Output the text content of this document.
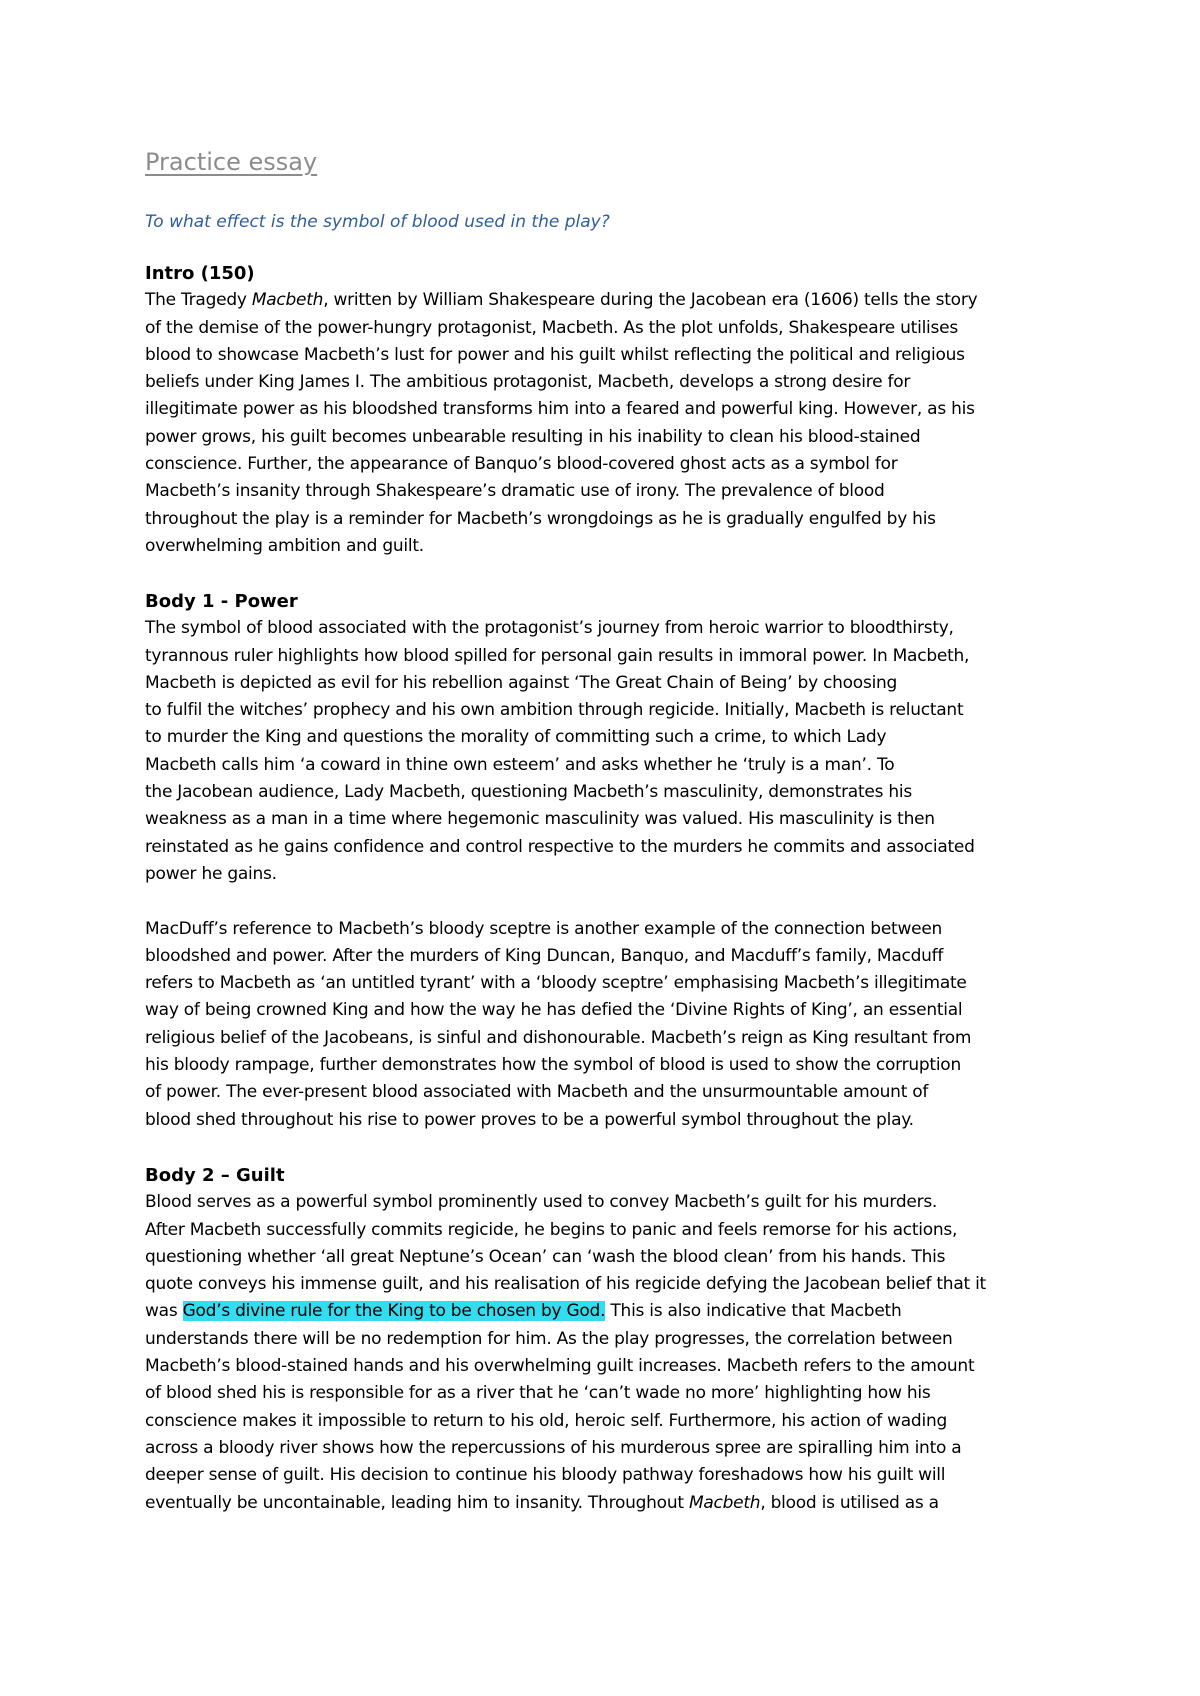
Practice essay
To what effect is the symbol of blood used in the play?
Intro (150)
The Tragedy Macbeth, written by William Shakespeare during the Jacobean era (1606) tells the story
of the demise of the power-hungry protagonist, Macbeth. As the plot unfolds, Shakespeare utilises
blood to showcase Macbeth’s lust for power and his guilt whilst reflecting the political and religious
beliefs under King James I. The ambitious protagonist, Macbeth, develops a strong desire for
illegitimate power as his bloodshed transforms him into a feared and powerful king. However, as his
power grows, his guilt becomes unbearable resulting in his inability to clean his blood-stained
conscience. Further, the appearance of Banquo’s blood-covered ghost acts as a symbol for
Macbeth’s insanity through Shakespeare’s dramatic use of irony. The prevalence of blood
throughout the play is a reminder for Macbeth’s wrongdoings as he is gradually engulfed by his
overwhelming ambition and guilt.
Body 1 - Power
The symbol of blood associated with the protagonist’s journey from heroic warrior to bloodthirsty,
tyrannous ruler highlights how blood spilled for personal gain results in immoral power. In Macbeth,
Macbeth is depicted as evil for his rebellion against ‘The Great Chain of Being’ by choosing
to fulfil the witches’ prophecy and his own ambition through regicide. Initially, Macbeth is reluctant
to murder the King and questions the morality of committing such a crime, to which Lady
Macbeth calls him ‘a coward in thine own esteem’ and asks whether he ‘truly is a man’. To
the Jacobean audience, Lady Macbeth, questioning Macbeth’s masculinity, demonstrates his
weakness as a man in a time where hegemonic masculinity was valued. His masculinity is then
reinstated as he gains confidence and control respective to the murders he commits and associated
power he gains.
MacDuff’s reference to Macbeth’s bloody sceptre is another example of the connection between
bloodshed and power. After the murders of King Duncan, Banquo, and Macduff’s family, Macduff
refers to Macbeth as ‘an untitled tyrant’ with a ‘bloody sceptre’ emphasising Macbeth’s illegitimate
way of being crowned King and how the way he has defied the ‘Divine Rights of King’, an essential
religious belief of the Jacobeans, is sinful and dishonourable. Macbeth’s reign as King resultant from
his bloody rampage, further demonstrates how the symbol of blood is used to show the corruption
of power. The ever-present blood associated with Macbeth and the unsurmountable amount of
blood shed throughout his rise to power proves to be a powerful symbol throughout the play.
Body 2 – Guilt
Blood serves as a powerful symbol prominently used to convey Macbeth’s guilt for his murders.
After Macbeth successfully commits regicide, he begins to panic and feels remorse for his actions,
questioning whether ‘all great Neptune’s Ocean’ can ‘wash the blood clean’ from his hands. This
quote conveys his immense guilt, and his realisation of his regicide defying the Jacobean belief that it
was God’s divine rule for the King to be chosen by God. This is also indicative that Macbeth
understands there will be no redemption for him. As the play progresses, the correlation between
Macbeth’s blood-stained hands and his overwhelming guilt increases. Macbeth refers to the amount
of blood shed his is responsible for as a river that he ‘can’t wade no more’ highlighting how his
conscience makes it impossible to return to his old, heroic self. Furthermore, his action of wading
across a bloody river shows how the repercussions of his murderous spree are spiralling him into a
deeper sense of guilt. His decision to continue his bloody pathway foreshadows how his guilt will
eventually be uncontainable, leading him to insanity. Throughout Macbeth, blood is utilised as a
